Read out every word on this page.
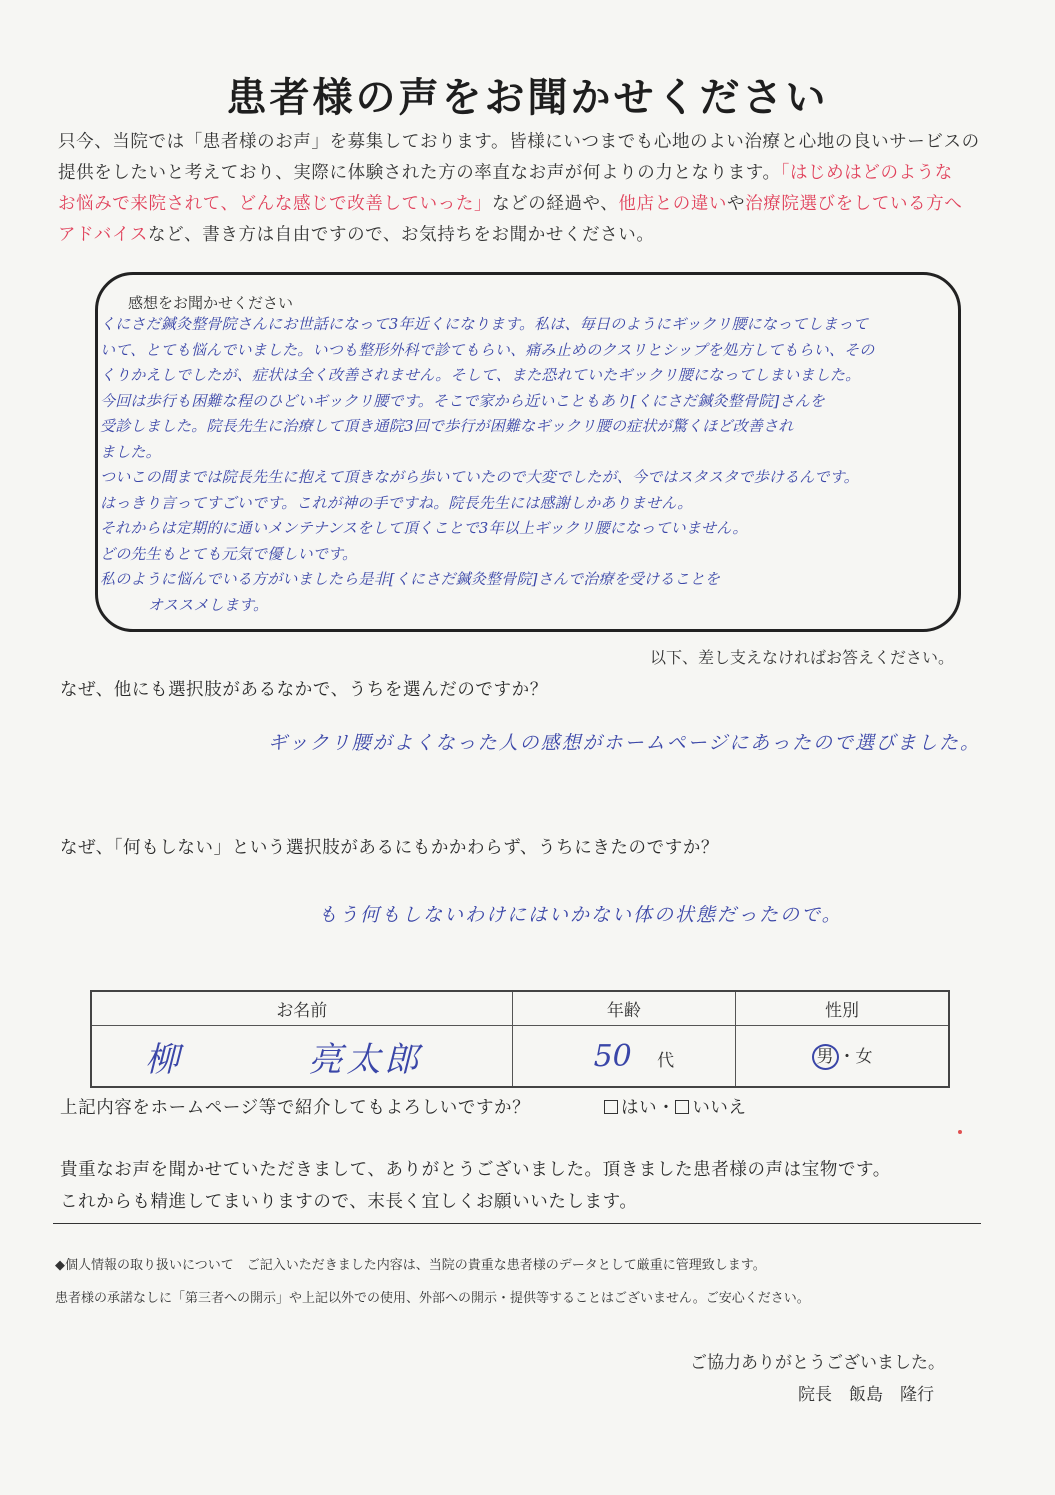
患者様の声をお聞かせください
只今、当院では「患者様のお声」を募集しております。皆様にいつまでも心地のよい治療と心地の良いサービスの
提供をしたいと考えており、実際に体験された方の率直なお声が何よりの力となります。「はじめはどのような
お悩みで来院されて、どんな感じで改善していった」などの経過や、他店との違いや治療院選びをしている方へ
アドバイスなど、書き方は自由ですので、お気持ちをお聞かせください。
感想をお聞かせください
くにさだ鍼灸整骨院さんにお世話になって3年近くになります。私は、毎日のようにギックリ腰になってしまって
いて、とても悩んでいました。いつも整形外科で診てもらい、痛み止めのクスリとシップを処方してもらい、その
くりかえしでしたが、症状は全く改善されません。そして、また恐れていたギックリ腰になってしまいました。
今回は歩行も困難な程のひどいギックリ腰です。そこで家から近いこともあり[くにさだ鍼灸整骨院]さんを
受診しました。院長先生に治療して頂き通院3回で歩行が困難なギックリ腰の症状が驚くほど改善され
ました。
ついこの間までは院長先生に抱えて頂きながら歩いていたので大変でしたが、今ではスタスタで歩けるんです。
はっきり言ってすごいです。これが神の手ですね。院長先生には感謝しかありません。
それからは定期的に通いメンテナンスをして頂くことで3年以上ギックリ腰になっていません。
どの先生もとても元気で優しいです。
私のように悩んでいる方がいましたら是非[くにさだ鍼灸整骨院]さんで治療を受けることを
オススメします。
以下、差し支えなければお答えください。
なぜ、他にも選択肢があるなかで、うちを選んだのですか？
ギックリ腰がよくなった人の感想がホームページにあったので選びました。
なぜ、「何もしない」という選択肢があるにもかかわらず、うちにきたのですか？
もう何もしないわけにはいかない体の状態だったので。
お名前	年齢	性別
柳 亮太郎	50 代	男 ・女
上記内容をホームページ等で紹介してもよろしいですか？	はい・ いいえ
貴重なお声を聞かせていただきまして、ありがとうございました。頂きました患者様の声は宝物です。
これからも精進してまいりますので、末長く宜しくお願いいたします。
◆個人情報の取り扱いについて　ご記入いただきました内容は、当院の貴重な患者様のデータとして厳重に管理致します。
患者様の承諾なしに「第三者への開示」や上記以外での使用、外部への開示・提供等することはございません。ご安心ください。
ご協力ありがとうございました。
院長　飯島　隆行
